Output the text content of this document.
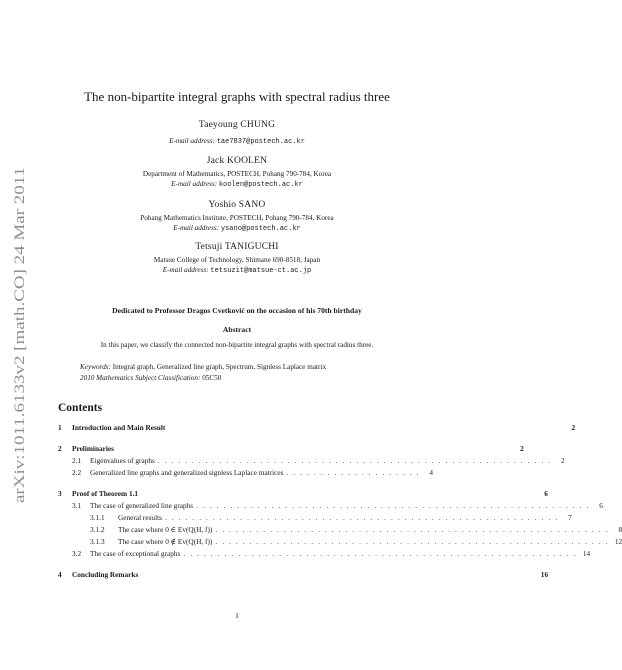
arXiv:1011.6133v2 [math.CO] 24 Mar 2011
The non-bipartite integral graphs with spectral radius three
Taeyoung CHUNG
E-mail address: tae7837@postech.ac.kr
Jack KOOLEN
Department of Mathematics, POSTECH, Pohang 790-784, Korea
E-mail address: koolen@postech.ac.kr
Yoshio SANO
Pohang Mathematics Institute, POSTECH, Pohang 790-784, Korea
E-mail address: ysano@postech.ac.kr
Tetsuji TANIGUCHI
Matsue College of Technology, Shimane 690-8518, Japan
E-mail address: tetsuzit@matsue-ct.ac.jp
Dedicated to Professor Dragos Cvetković on the occasion of his 70th birthday
Abstract
In this paper, we classify the connected non-bipartite integral graphs with spectral radius three.
Keywords: Integral graph, Generalized line graph, Spectrum, Signless Laplace matrix
2010 Mathematics Subject Classification: 05C50
Contents
1	Introduction and Main Result	2
2	Preliminaries	2
2.1	Eigenvalues of graphs . . . . . . . . . . . . . . . . . . . . . . . . . . . . . . . . . . . . . . . . . . . . . . . . . . . . . . . . . .	2
2.2	Generalized line graphs and generalized signless Laplace matrices . . . . . . . . . . . . . . . . . . . .	4
3	Proof of Theorem 1.1	6
3.1	The case of generalized line graphs . . . . . . . . . . . . . . . . . . . . . . . . . . . . . . . . . . . . . . . . . . . . . . . . . . . . . . . . . .	6
3.1.1	General results . . . . . . . . . . . . . . . . . . . . . . . . . . . . . . . . . . . . . . . . . . . . . . . . . . . . . . . . . .	7
3.1.2	The case where 0 ∈ Ev(Q(H, f)) . . . . . . . . . . . . . . . . . . . . . . . . . . . . . . . . . . . . . . . . . . . . . . . . . . . . . . . . . .	8
3.1.3	The case where 0 ∉ Ev(Q(H, f)) . . . . . . . . . . . . . . . . . . . . . . . . . . . . . . . . . . . . . . . . . . . . . . . . . . . . . . . . . . 12
3.2	The case of exceptional graphs . . . . . . . . . . . . . . . . . . . . . . . . . . . . . . . . . . . . . . . . . . . . . . . . . . . . . . . . . . 14
4	Concluding Remarks	16
1
